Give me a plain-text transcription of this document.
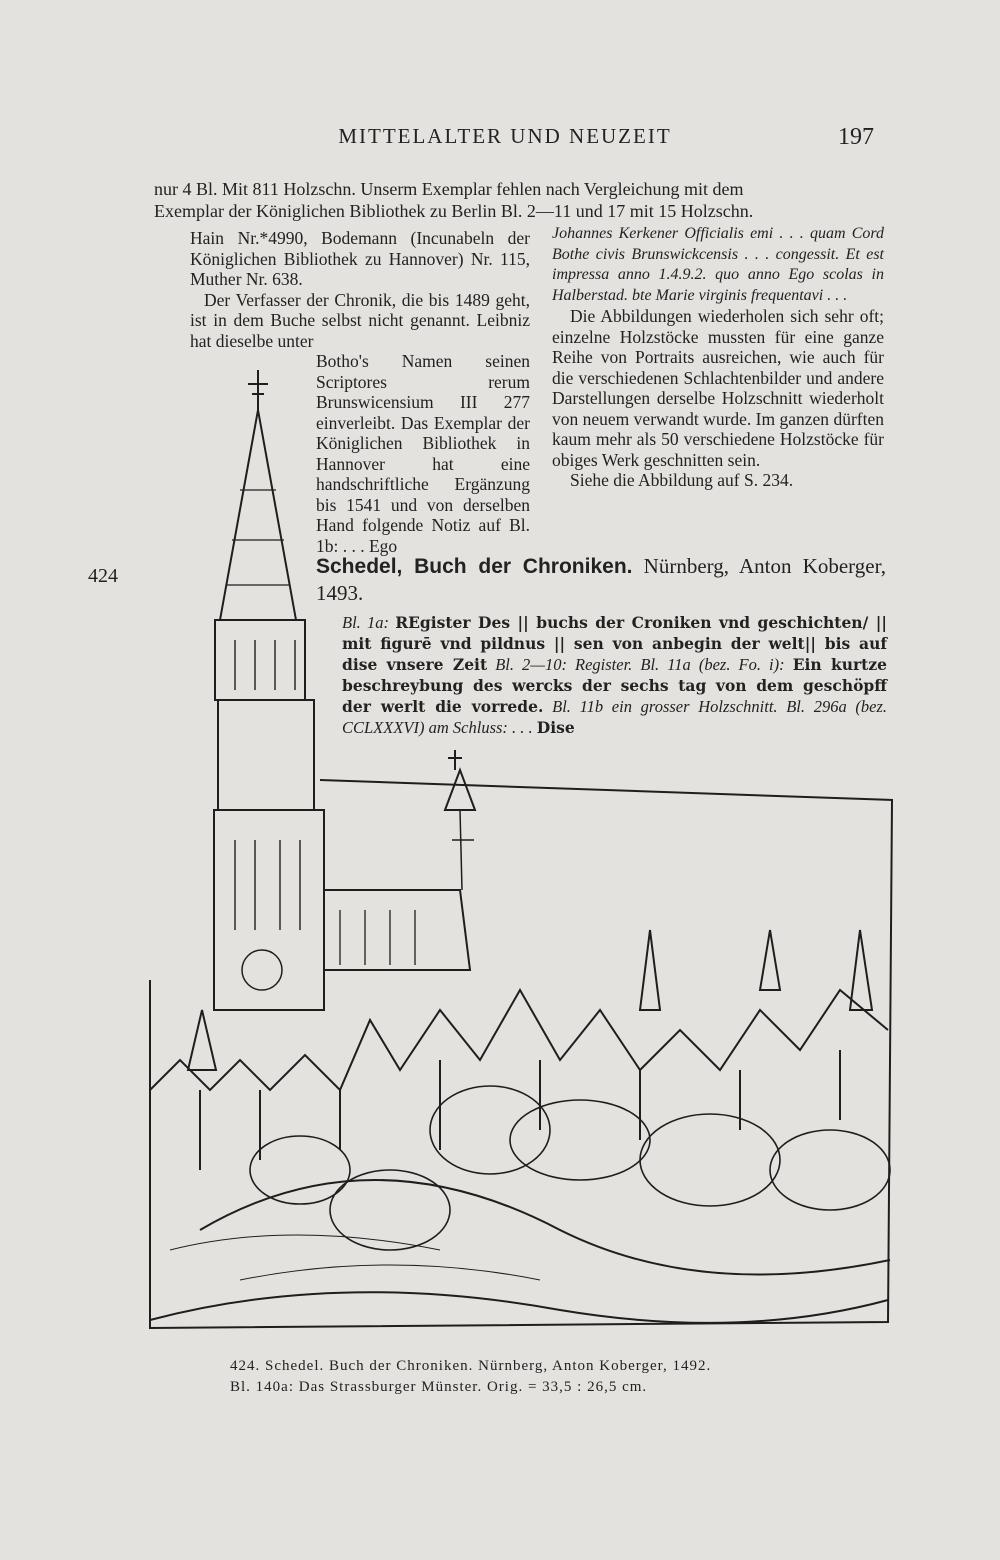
MITTELALTER UND NEUZEIT	197

nur 4 Bl. Mit 811 Holzschn. Unserm Exemplar fehlen nach Vergleichung mit dem

Exemplar der Königlichen Bibliothek zu Berlin Bl. 2—11 und 17 mit 15 Holzschn.

Hain Nr.*4990, Bodemann (Incunabeln der Königlichen Bibliothek zu Hannover) Nr. 115, Muther Nr. 638.

Der Verfasser der Chronik, die bis 1489 geht, ist in dem Buche selbst nicht genannt. Leibniz hat dieselbe unter

Botho's Namen seinen Scriptores rerum Brunswicensium III 277 einverleibt. Das Exemplar der Königlichen Bibliothek in Hannover hat eine handschriftliche Ergänzung bis 1541 und von derselben Hand folgende Notiz auf Bl. 1b: . . . Ego

Johannes Kerkener Officialis emi . . . quam Cord Bothe civis Brunswickcensis . . . congessit. Et est impressa anno 1.4.9.2. quo anno Ego scolas in Halberstad. bte Marie virginis frequentavi . . .

Die Abbildungen wiederholen sich sehr oft; einzelne Holzstöcke mussten für eine ganze Reihe von Portraits ausreichen, wie auch für die verschiedenen Schlachtenbilder und andere Darstellungen derselbe Holzschnitt wiederholt von neuem verwandt wurde. Im ganzen dürften kaum mehr als 50 verschiedene Holzstöcke für obiges Werk geschnitten sein.

Siehe die Abbildung auf S. 234.

424	Schedel, Buch der Chroniken. Nürnberg, Anton Koberger, 1493.
Bl. 1a: REgister Des || buchs der Croniken vnd geschichten/ || mit figurē vnd pildnus || sen von anbegin der welt|| bis auf dise vnsere Zeit Bl. 2—10: Register. Bl. 11a (bez. Fo. i): Ein kurtze beschreybung des wercks der sechs tag von dem geschöpff der werlt die vorrede. Bl. 11b ein grosser Holzschnitt. Bl. 296a (bez. CCLXXXVI) am Schluss: . . . Dise

424. Schedel. Buch der Chroniken. Nürnberg, Anton Koberger, 1492.

Bl. 140a: Das Strassburger Münster. Orig. = 33,5 : 26,5 cm.
